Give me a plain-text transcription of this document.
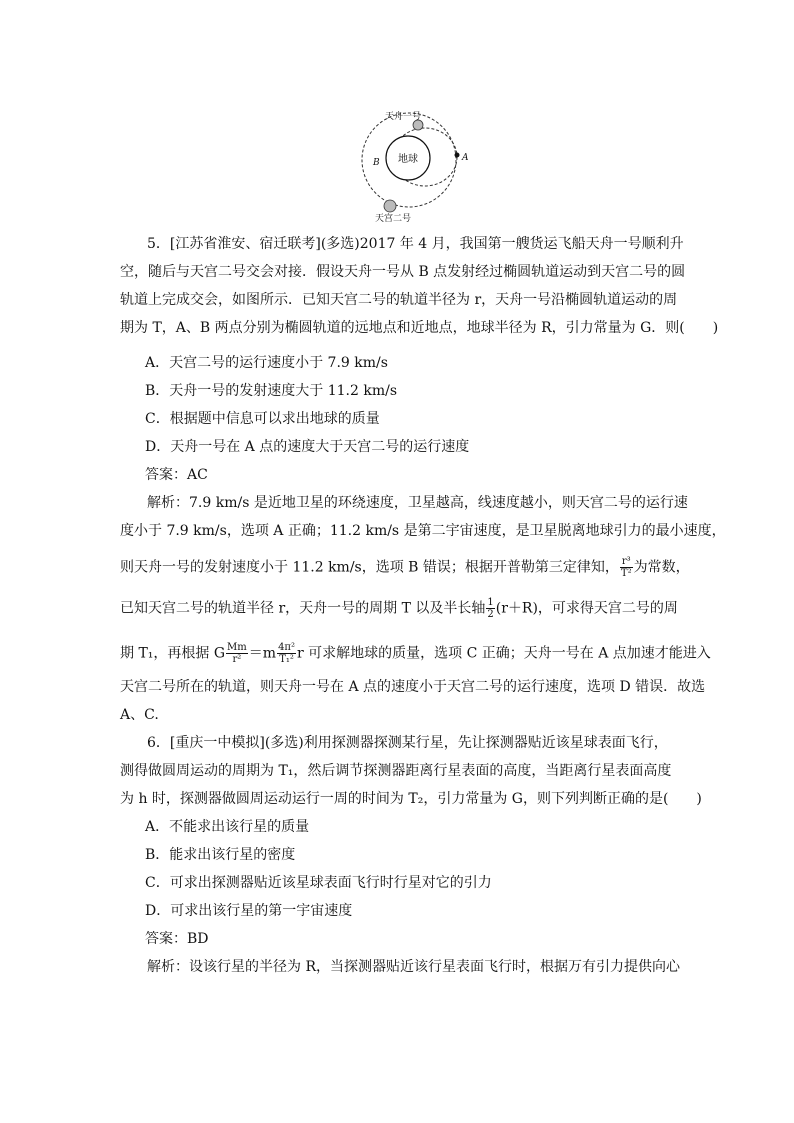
地球
B	A
天舟一号
天宫二号
5．[江苏省淮安、宿迁联考](多选)2017 年 4 月，我国第一艘货运飞船天舟一号顺利升
空，随后与天宫二号交会对接．假设天舟一号从 B 点发射经过椭圆轨道运动到天宫二号的圆
轨道上完成交会，如图所示．已知天宫二号的轨道半径为 r，天舟一号沿椭圆轨道运动的周
期为 T，A、B 两点分别为椭圆轨道的远地点和近地点，地球半径为 R，引力常量为 G．则(　　)
A．天宫二号的运行速度小于 7.9 km/s
B．天舟一号的发射速度大于 11.2 km/s
C．根据题中信息可以求出地球的质量
D．天舟一号在 A 点的速度大于天宫二号的运行速度
答案：AC
解析：7.9 km/s 是近地卫星的环绕速度，卫星越高，线速度越小，则天宫二号的运行速
度小于 7.9 km/s，选项 A 正确；11.2 km/s 是第二宇宙速度，是卫星脱离地球引力的最小速度，
则天舟一号的发射速度小于 11.2 km/s，选项 B 错误；根据开普勒第三定律知， $\frac{\text{r³}}{\text{T²}}$ 为常数，
已知天宫二号的轨道半径 r，天舟一号的周期 T 以及半长轴 $\frac{1}{2} (r+R)$，可求得天宫二号的周
期 T₁，再根据 G $\frac{Mm}{\text{r²}} =m \frac{\text{4π²}}{\text{T₁²}}$ r 可求解地球的质量，选项 C 正确；天舟一号在 A 点加速才能进入
天宫二号所在的轨道，则天舟一号在 A 点的速度小于天宫二号的运行速度，选项 D 错误．故选
A、C.
6．[重庆一中模拟](多选)利用探测器探测某行星，先让探测器贴近该星球表面飞行，
测得做圆周运动的周期为 T₁，然后调节探测器距离行星表面的高度，当距离行星表面高度
为 h 时，探测器做圆周运动运行一周的时间为 T₂，引力常量为 G，则下列判断正确的是(　　)
A．不能求出该行星的质量
B．能求出该行星的密度
C．可求出探测器贴近该星球表面飞行时行星对它的引力
D．可求出该行星的第一宇宙速度
答案：BD
解析：设该行星的半径为 R，当探测器贴近该行星表面飞行时，根据万有引力提供向心
